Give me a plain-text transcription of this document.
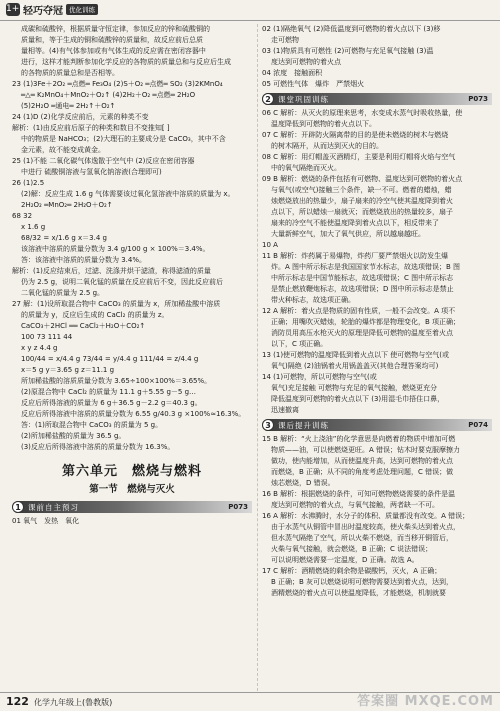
1+1
轻巧夺冠 优化训练
成碳和硫酸锌，根据质量守恒定律，参加反应的锌和硫酸铜的
质量和，等于生成的铜和硫酸锌的质量和，故反应前后总质
量相等。(4)有气体参加或有气体生成的反应需在密闭容器中
进行，这样才能判断参加化学反应的各物质的质量总和与反应后生成
的各物质的质量总和是否相等。
23 (1)3Fe＋2O₂ ═点燃═ Fe₃O₄ (2)S＋O₂ ═点燃═ SO₂ (3)2KMnO₄
═△═ K₂MnO₄＋MnO₂＋O₂↑ (4)2H₂＋O₂ ═点燃═ 2H₂O
(5)2H₂O ═通电═ 2H₂↑＋O₂↑
24 (1)D (2)化学反应前后，元素的种类不变
解析：(1)由反应前后原子的种类和数目不变推知[ ]
中的物质是 NaHCO₃；(2)大理石的主要成分是 CaCO₃，其中不含
金元素，故不能变成黄金。
25 (1)不能 二氧化碳气体逸散于空气中 (2)反应在密闭容器
中进行 硫酸铜溶液与氢氧化钠溶液(合理即可)
26 (1)2.5
(2)解：反应生成 1.6 g 气体需要该过氧化氢溶液中溶质的质量为 x。
2H₂O₂ ═MnO₂═ 2H₂O＋O₂↑
68 32
x 1.6 g
68/32 = x/1.6 g x＝3.4 g
该溶液中溶质的质量分数为 3.4 g/100 g × 100%＝3.4%。
答：该溶液中溶质的质量分数为 3.4%。
解析：(1)反应结束后，过滤、洗涤并烘干滤渣，称得滤渣的质量
仍为 2.5 g，说明二氧化锰的质量在反应前后不变，因此反应前后
二氧化锰的质量为 2.5 g。
27 解：(1)设所取混合物中 CaCO₃ 的质量为 x，所加稀盐酸中溶质
的质量为 y，反应后生成的 CaCl₂ 的质量为 z。
CaCO₃＋2HCl ══ CaCl₂＋H₂O＋CO₂↑
100 73 111 44
x y z 4.4 g
100/44 = x/4.4 g 73/44 = y/4.4 g 111/44 = z/4.4 g
x＝5 g y＝3.65 g z＝11.1 g
所加稀盐酸的溶质质量分数为 3.65÷100×100%＝3.65%。
(2)原混合物中 CaCl₂ 的质量为 11.1 g＋5.55 g－5 g…
反应后所得溶液的质量为 6 g＋36.5 g－2.2 g＝40.3 g。
反应后所得溶液中溶质的质量分数为 6.55 g/40.3 g ×100%≈16.3%。
答：(1)所取混合物中 CaCO₃ 的质量为 5 g。
(2)所加稀盐酸的质量为 36.5 g。
(3)反应后所得溶液中溶质的质量分数为 16.3%。
第六单元　燃烧与燃料
第一节　燃烧与灭火
1 课前自主预习	P073
01 氧气　发热　氧化
02 (1)隔绝氧气 (2)降低温度到可燃物的着火点以下 (3)移
走可燃物
03 (1)物质具有可燃性 (2)可燃物与充足氧气接触 (3)温
度达到可燃物的着火点
04 浓度　接触面积
05 可燃性气体　爆炸　严禁烟火
2 课堂巩固训练	P073
06 C 解析：从灭火的原理来思考，水变成水蒸气时吸收热量，使
温度降低到可燃物的着火点以下。
07 C 解析：开辟防火隔离带的目的是使未燃烧的树木与燃烧
的树木隔开，从而达到灭火的目的。
08 C 解析：用灯帽盖灭酒精灯，主要是利用灯帽将火焰与空气
中的氧气隔绝而灭火。
09 B 解析：燃烧的条件包括有可燃物、温度达到可燃物的着火点
与氧气(或空气)接触三个条件，缺一不可。燃着的蜡烛，蜡
烛燃烧放出的热量少，扇子扇来的冷空气使其温度降到着火
点以下，所以蜡烛一扇就灭；而燃烧放出的热量较多，扇子
扇来的冷空气不能使温度降到着火点以下，相反带来了
大量新鲜空气，加大了氧气供应，所以越扇越旺。
10 A
11 B 解析：炸药属于易爆物，炸药厂要严禁烟火以防发生爆
炸。A 图中所示标志是我国国家节水标志，故选项错误；B 图
中所示标志是中国节能标志，故选项错误；C 图中所示标志
是禁止燃放鞭炮标志，故选项错误；D 图中所示标志是禁止
带火种标志，故选项正确。
12 A 解析：着火点是物质的固有性质，一般不会改变。A 项不
正确；用嘴吹灭蜡烛，轮胎的爆炸都是物理变化，B 项正确；
消防员用高压水枪灭火的原理是降低可燃物的温度至着火点
以下，C 项正确。
13 (1)使可燃物的温度降低到着火点以下 使可燃物与空气(或
氧气)隔绝 (2)油锅着火用锅盖盖灭(其他合理答案均可)
14 (1)可燃物，所以可燃物与空气(或
氧气)充足接触 可燃物与充足的氧气接触，燃烧更充分
降低温度到可燃物的着火点以下 (3)用湿毛巾捂住口鼻，
迅速撤离
3 课后提升训练	P074
15 B 解析：“火上浇油”的化学意思是向燃着的物质中增加可燃
物质——油，可以使燃烧更旺。A 错误；钻木时要克服摩擦力
做功，使内能增加，从而使温度升高，达到可燃物的着火点
而燃烧，B 正确；从不同的角度考虑处理问题，C 错误；做
烛芯燃烧，D 错误。
16 B 解析：根据燃烧的条件，可知可燃物燃烧需要的条件是温
度达到可燃物的着火点，与氧气接触，两者缺一不可。
16 A 解析：水沸腾时，水分子的体积、质量都没有改变。A 错误；
由于水蒸气从铜管中冒出时温度较高，使火柴头达到着火点，
但水蒸气隔绝了空气，所以火柴不燃烧，而当移开铜管后，
火柴与氧气接触，就会燃烧，B 正确；C 说法错误；
可以说明燃烧需要一定温度，D 正确。故选 A。
17 C 解析：酒精燃烧的剩余物是碳酸钙，灭火，A 正确；
B 正确；B 灰可以燃烧说明可燃物需要达到着火点，达到，
酒精燃烧的着火点可以使温度降低，才能燃烧，机制就要
122 化学九年级上(鲁教版)	答案圈 MXQE.COM
